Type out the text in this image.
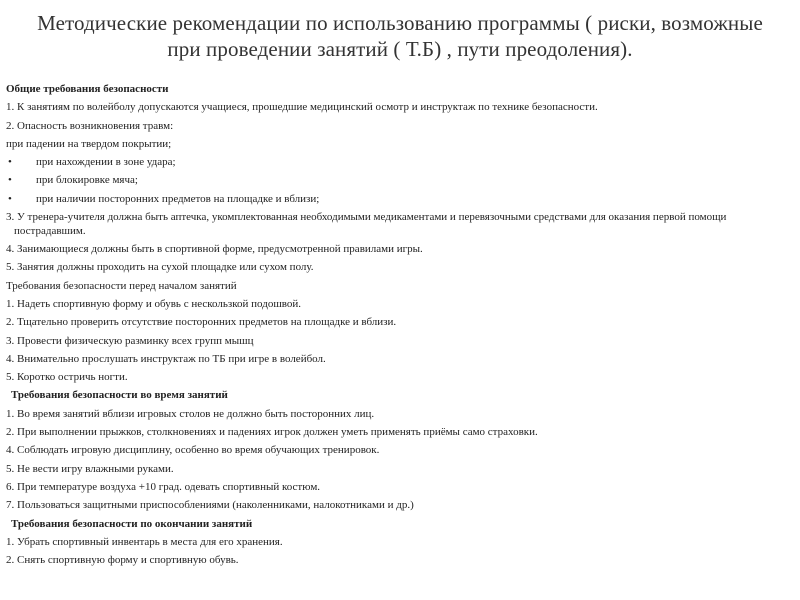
Методические рекомендации по использованию программы ( риски, возможные
при проведении занятий ( Т.Б) , пути преодоления).
Общие требования безопасности
1. К занятиям по волейболу допускаются учащиеся, прошедшие медицинский осмотр и инструктаж по технике безопасности.
2. Опасность возникновения травм:
при падении на твердом покрытии;
•	при нахождении в зоне удара;
•	при блокировке мяча;
•	при наличии посторонних предметов на площадке и вблизи;
3. У тренера-учителя должна быть аптечка, укомплектованная необходимыми медикаментами и перевязочными средствами для оказания первой помощи пострадавшим.
4. Занимающиеся должны быть в спортивной форме, предусмотренной правилами игры.
5. Занятия должны проходить на сухой площадке или сухом полу.
Требования безопасности перед началом занятий
1. Надеть спортивную форму и обувь с нескользкой подошвой.
2. Тщательно проверить отсутствие посторонних предметов на площадке и вблизи.
3. Провести физическую разминку всех групп мышц
4. Внимательно прослушать инструктаж по ТБ при игре в волейбол.
5. Коротко остричь ногти.
Требования безопасности во время занятий
1. Во время занятий вблизи игровых столов не должно быть посторонних лиц.
2. При выполнении прыжков, столкновениях и падениях игрок должен уметь применять приёмы само страховки.
4. Соблюдать игровую дисциплину, особенно во время обучающих тренировок.
5. Не вести игру влажными руками.
6. При температуре воздуха +10 град. одевать спортивный костюм.
7. Пользоваться защитными приспособлениями (наколенниками, налокотниками и др.)
Требования безопасности по окончании занятий
1. Убрать спортивный инвентарь в места для его хранения.
2. Снять спортивную форму и спортивную обувь.
